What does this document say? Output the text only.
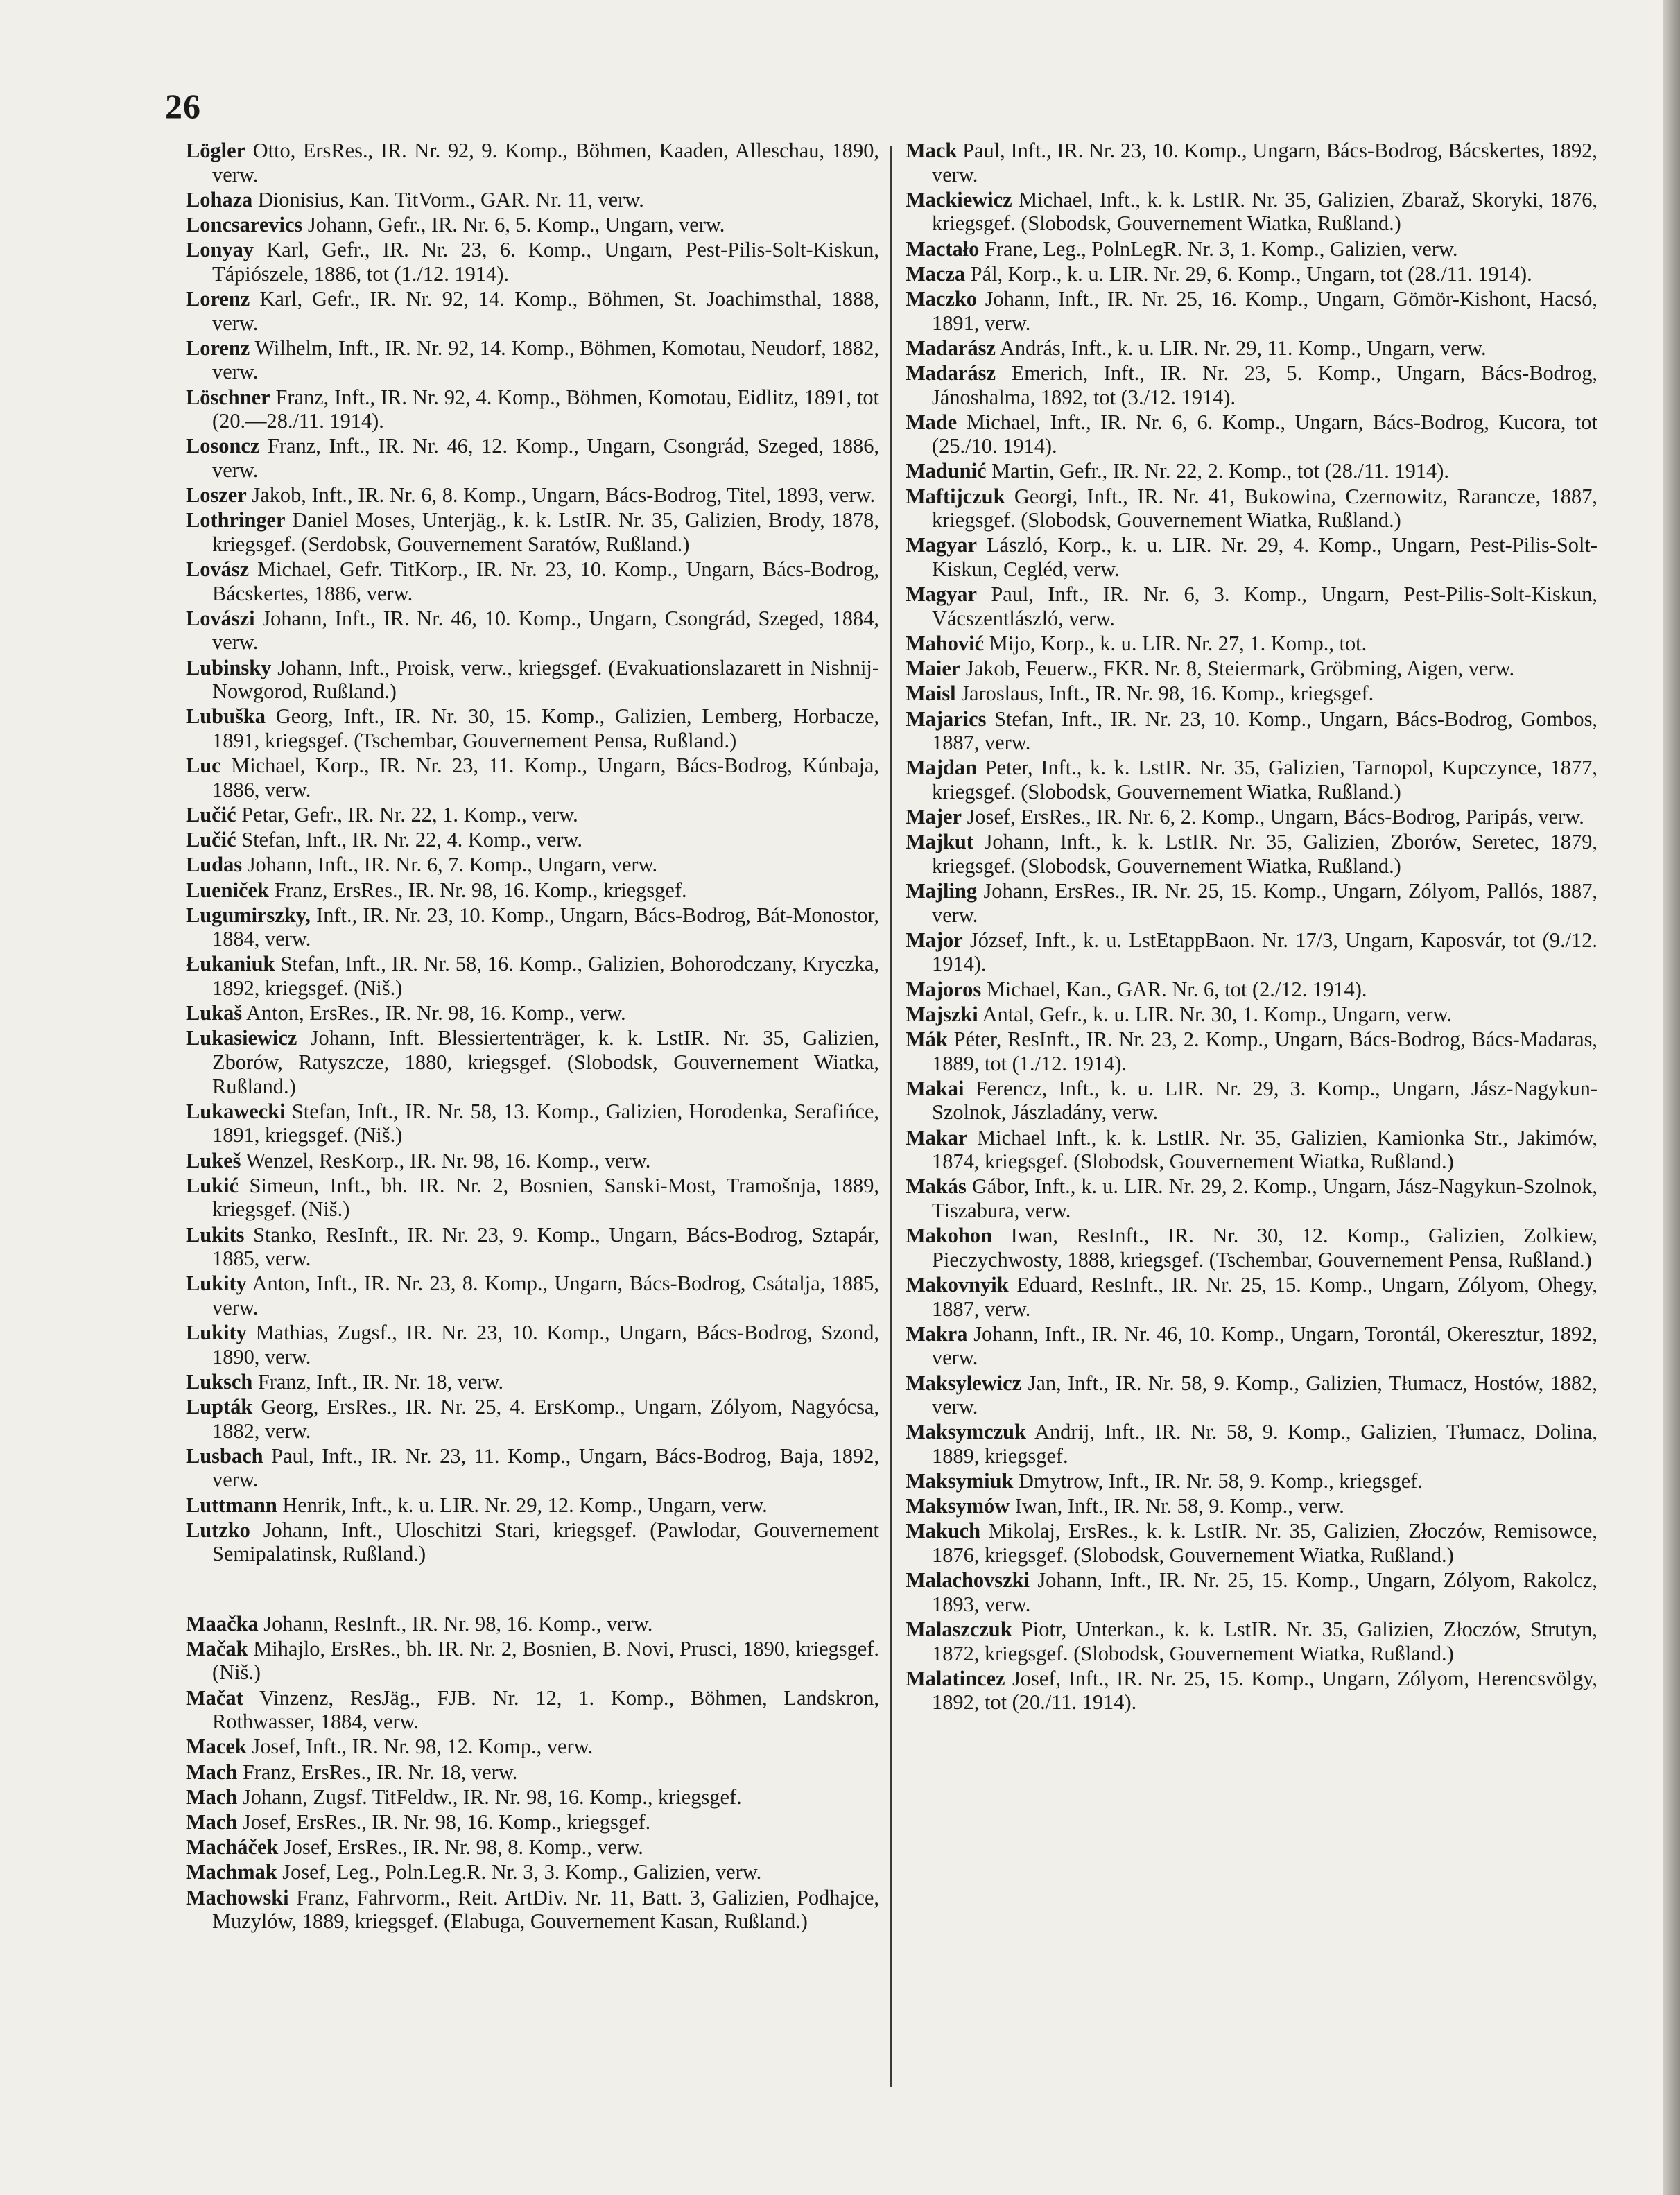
26

Lögler Otto, ErsRes., IR. Nr. 92, 9. Komp., Böhmen, Kaaden, Alleschau, 1890, verw.

Lohaza Dionisius, Kan. TitVorm., GAR. Nr. 11, verw.

Loncsarevics Johann, Gefr., IR. Nr. 6, 5. Komp., Ungarn, verw.

Lonyay Karl, Gefr., IR. Nr. 23, 6. Komp., Ungarn, Pest-Pilis-Solt-Kiskun, Tápiószele, 1886, tot (1./12. 1914).

Lorenz Karl, Gefr., IR. Nr. 92, 14. Komp., Böhmen, St. Joachimsthal, 1888, verw.

Lorenz Wilhelm, Inft., IR. Nr. 92, 14. Komp., Böhmen, Komotau, Neudorf, 1882, verw.

Löschner Franz, Inft., IR. Nr. 92, 4. Komp., Böhmen, Komotau, Eidlitz, 1891, tot (20.—28./11. 1914).

Losoncz Franz, Inft., IR. Nr. 46, 12. Komp., Ungarn, Csongrád, Szeged, 1886, verw.

Loszer Jakob, Inft., IR. Nr. 6, 8. Komp., Ungarn, Bács-Bodrog, Titel, 1893, verw.

Lothringer Daniel Moses, Unterjäg., k. k. LstIR. Nr. 35, Galizien, Brody, 1878, kriegsgef. (Serdobsk, Gouvernement Saratów, Rußland.)

Lovász Michael, Gefr. TitKorp., IR. Nr. 23, 10. Komp., Ungarn, Bács-Bodrog, Bácskertes, 1886, verw.

Lovászi Johann, Inft., IR. Nr. 46, 10. Komp., Ungarn, Csongrád, Szeged, 1884, verw.

Lubinsky Johann, Inft., Proisk, verw., kriegsgef. (Evakuationslazarett in Nishnij-Nowgorod, Rußland.)

Lubuška Georg, Inft., IR. Nr. 30, 15. Komp., Galizien, Lemberg, Horbacze, 1891, kriegsgef. (Tschembar, Gouvernement Pensa, Rußland.)

Luc Michael, Korp., IR. Nr. 23, 11. Komp., Ungarn, Bács-Bodrog, Kúnbaja, 1886, verw.

Lučić Petar, Gefr., IR. Nr. 22, 1. Komp., verw.

Lučić Stefan, Inft., IR. Nr. 22, 4. Komp., verw.

Ludas Johann, Inft., IR. Nr. 6, 7. Komp., Ungarn, verw.

Lueniček Franz, ErsRes., IR. Nr. 98, 16. Komp., kriegsgef.

Lugumirszky, Inft., IR. Nr. 23, 10. Komp., Ungarn, Bács-Bodrog, Bát-Monostor, 1884, verw.

Łukaniuk Stefan, Inft., IR. Nr. 58, 16. Komp., Galizien, Bohorodczany, Kryczka, 1892, kriegsgef. (Niš.)

Lukaš Anton, ErsRes., IR. Nr. 98, 16. Komp., verw.

Lukasiewicz Johann, Inft. Blessiertenträger, k. k. LstIR. Nr. 35, Galizien, Zborów, Ratyszcze, 1880, kriegsgef. (Slobodsk, Gouvernement Wiatka, Rußland.)

Lukawecki Stefan, Inft., IR. Nr. 58, 13. Komp., Galizien, Horodenka, Serafińce, 1891, kriegsgef. (Niš.)

Lukeš Wenzel, ResKorp., IR. Nr. 98, 16. Komp., verw.

Lukić Simeun, Inft., bh. IR. Nr. 2, Bosnien, Sanski-Most, Tramošnja, 1889, kriegsgef. (Niš.)

Lukits Stanko, ResInft., IR. Nr. 23, 9. Komp., Ungarn, Bács-Bodrog, Sztapár, 1885, verw.

Lukity Anton, Inft., IR. Nr. 23, 8. Komp., Ungarn, Bács-Bodrog, Csátalja, 1885, verw.

Lukity Mathias, Zugsf., IR. Nr. 23, 10. Komp., Ungarn, Bács-Bodrog, Szond, 1890, verw.

Luksch Franz, Inft., IR. Nr. 18, verw.

Lupták Georg, ErsRes., IR. Nr. 25, 4. ErsKomp., Ungarn, Zólyom, Nagyócsa, 1882, verw.

Lusbach Paul, Inft., IR. Nr. 23, 11. Komp., Ungarn, Bács-Bodrog, Baja, 1892, verw.

Luttmann Henrik, Inft., k. u. LIR. Nr. 29, 12. Komp., Ungarn, verw.

Lutzko Johann, Inft., Uloschitzi Stari, kriegsgef. (Pawlodar, Gouvernement Semipalatinsk, Rußland.)

Maačka Johann, ResInft., IR. Nr. 98, 16. Komp., verw.

Mačak Mihajlo, ErsRes., bh. IR. Nr. 2, Bosnien, B. Novi, Prusci, 1890, kriegsgef. (Niš.)

Mačat Vinzenz, ResJäg., FJB. Nr. 12, 1. Komp., Böhmen, Landskron, Rothwasser, 1884, verw.

Macek Josef, Inft., IR. Nr. 98, 12. Komp., verw.

Mach Franz, ErsRes., IR. Nr. 18, verw.

Mach Johann, Zugsf. TitFeldw., IR. Nr. 98, 16. Komp., kriegsgef.

Mach Josef, ErsRes., IR. Nr. 98, 16. Komp., kriegsgef.

Macháček Josef, ErsRes., IR. Nr. 98, 8. Komp., verw.

Machmak Josef, Leg., Poln.Leg.R. Nr. 3, 3. Komp., Galizien, verw.

Machowski Franz, Fahrvorm., Reit. ArtDiv. Nr. 11, Batt. 3, Galizien, Podhajce, Muzylów, 1889, kriegsgef. (Elabuga, Gouvernement Kasan, Rußland.)

Mack Paul, Inft., IR. Nr. 23, 10. Komp., Ungarn, Bács-Bodrog, Bácskertes, 1892, verw.

Mackiewicz Michael, Inft., k. k. LstIR. Nr. 35, Galizien, Zbaraž, Skoryki, 1876, kriegsgef. (Slobodsk, Gouvernement Wiatka, Rußland.)

Mactało Frane, Leg., PolnLegR. Nr. 3, 1. Komp., Galizien, verw.

Macza Pál, Korp., k. u. LIR. Nr. 29, 6. Komp., Ungarn, tot (28./11. 1914).

Maczko Johann, Inft., IR. Nr. 25, 16. Komp., Ungarn, Gömör-Kishont, Hacsó, 1891, verw.

Madarász András, Inft., k. u. LIR. Nr. 29, 11. Komp., Ungarn, verw.

Madarász Emerich, Inft., IR. Nr. 23, 5. Komp., Ungarn, Bács-Bodrog, Jánoshalma, 1892, tot (3./12. 1914).

Made Michael, Inft., IR. Nr. 6, 6. Komp., Ungarn, Bács-Bodrog, Kucora, tot (25./10. 1914).

Madunić Martin, Gefr., IR. Nr. 22, 2. Komp., tot (28./11. 1914).

Maftijczuk Georgi, Inft., IR. Nr. 41, Bukowina, Czernowitz, Rarancze, 1887, kriegsgef. (Slobodsk, Gouvernement Wiatka, Rußland.)

Magyar László, Korp., k. u. LIR. Nr. 29, 4. Komp., Ungarn, Pest-Pilis-Solt-Kiskun, Cegléd, verw.

Magyar Paul, Inft., IR. Nr. 6, 3. Komp., Ungarn, Pest-Pilis-Solt-Kiskun, Vácszentlászló, verw.

Mahović Mijo, Korp., k. u. LIR. Nr. 27, 1. Komp., tot.

Maier Jakob, Feuerw., FKR. Nr. 8, Steiermark, Gröbming, Aigen, verw.

Maisl Jaroslaus, Inft., IR. Nr. 98, 16. Komp., kriegsgef.

Majarics Stefan, Inft., IR. Nr. 23, 10. Komp., Ungarn, Bács-Bodrog, Gombos, 1887, verw.

Majdan Peter, Inft., k. k. LstIR. Nr. 35, Galizien, Tarnopol, Kupczynce, 1877, kriegsgef. (Slobodsk, Gouvernement Wiatka, Rußland.)

Majer Josef, ErsRes., IR. Nr. 6, 2. Komp., Ungarn, Bács-Bodrog, Paripás, verw.

Majkut Johann, Inft., k. k. LstIR. Nr. 35, Galizien, Zborów, Seretec, 1879, kriegsgef. (Slobodsk, Gouvernement Wiatka, Rußland.)

Majling Johann, ErsRes., IR. Nr. 25, 15. Komp., Ungarn, Zólyom, Pallós, 1887, verw.

Major József, Inft., k. u. LstEtappBaon. Nr. 17/3, Ungarn, Kaposvár, tot (9./12. 1914).

Majoros Michael, Kan., GAR. Nr. 6, tot (2./12. 1914).

Majszki Antal, Gefr., k. u. LIR. Nr. 30, 1. Komp., Ungarn, verw.

Mák Péter, ResInft., IR. Nr. 23, 2. Komp., Ungarn, Bács-Bodrog, Bács-Madaras, 1889, tot (1./12. 1914).

Makai Ferencz, Inft., k. u. LIR. Nr. 29, 3. Komp., Ungarn, Jász-Nagykun-Szolnok, Jászladány, verw.

Makar Michael Inft., k. k. LstIR. Nr. 35, Galizien, Kamionka Str., Jakimów, 1874, kriegsgef. (Slobodsk, Gouvernement Wiatka, Rußland.)

Makás Gábor, Inft., k. u. LIR. Nr. 29, 2. Komp., Ungarn, Jász-Nagykun-Szolnok, Tiszabura, verw.

Makohon Iwan, ResInft., IR. Nr. 30, 12. Komp., Galizien, Zolkiew, Pieczychwosty, 1888, kriegsgef. (Tschembar, Gouvernement Pensa, Rußland.)

Makovnyik Eduard, ResInft., IR. Nr. 25, 15. Komp., Ungarn, Zólyom, Ohegy, 1887, verw.

Makra Johann, Inft., IR. Nr. 46, 10. Komp., Ungarn, Torontál, Okeresztur, 1892, verw.

Maksylewicz Jan, Inft., IR. Nr. 58, 9. Komp., Galizien, Tłumacz, Hostów, 1882, verw.

Maksymczuk Andrij, Inft., IR. Nr. 58, 9. Komp., Galizien, Tłumacz, Dolina, 1889, kriegsgef.

Maksymiuk Dmytrow, Inft., IR. Nr. 58, 9. Komp., kriegsgef.

Maksymów Iwan, Inft., IR. Nr. 58, 9. Komp., verw.

Makuch Mikolaj, ErsRes., k. k. LstIR. Nr. 35, Galizien, Złoczów, Remisowce, 1876, kriegsgef. (Slobodsk, Gouvernement Wiatka, Rußland.)

Malachovszki Johann, Inft., IR. Nr. 25, 15. Komp., Ungarn, Zólyom, Rakolcz, 1893, verw.

Malaszczuk Piotr, Unterkan., k. k. LstIR. Nr. 35, Galizien, Złoczów, Strutyn, 1872, kriegsgef. (Slobodsk, Gouvernement Wiatka, Rußland.)

Malatincez Josef, Inft., IR. Nr. 25, 15. Komp., Ungarn, Zólyom, Herencsvölgy, 1892, tot (20./11. 1914).
